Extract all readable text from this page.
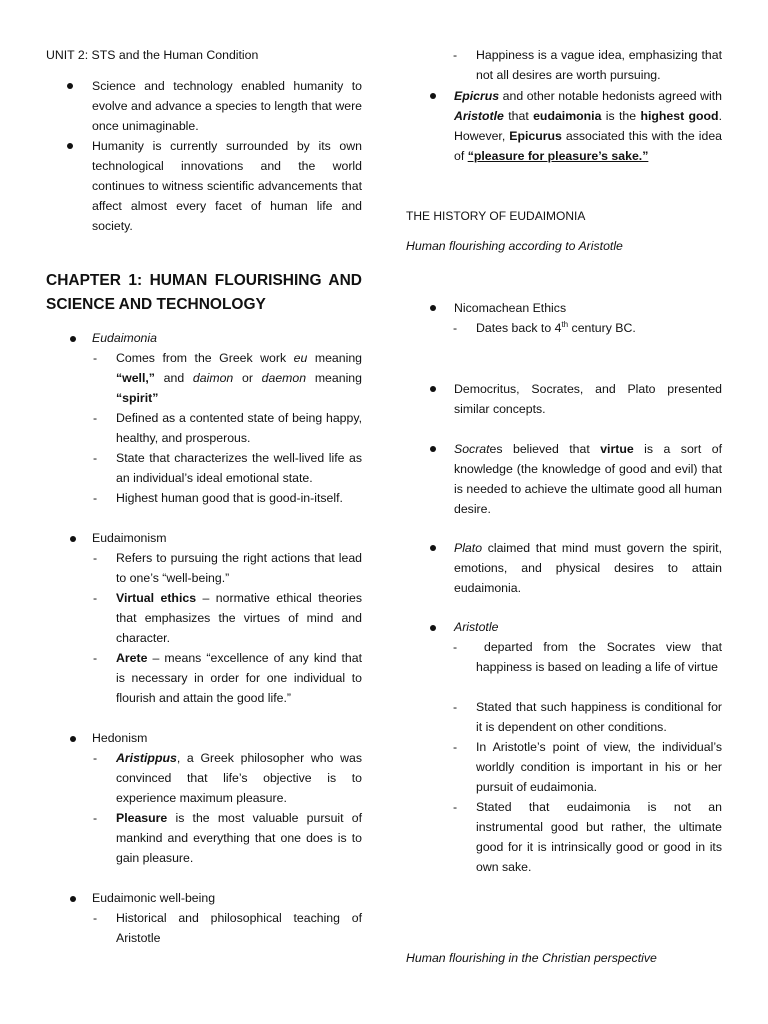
UNIT 2: STS and the Human Condition
Science and technology enabled humanity to evolve and advance a species to length that were once unimaginable.
Humanity is currently surrounded by its own technological innovations and the world continues to witness scientific advancements that affect almost every facet of human life and society.
CHAPTER 1: HUMAN FLOURISHING AND SCIENCE AND TECHNOLOGY
Eudaimonia
- Comes from the Greek work eu meaning “well,” and daimon or daemon meaning “spirit”
- Defined as a contented state of being happy, healthy, and prosperous.
- State that characterizes the well-lived life as an individual’s ideal emotional state.
- Highest human good that is good-in-itself.
Eudaimonism
- Refers to pursuing the right actions that lead to one’s “well-being.”
- Virtual ethics – normative ethical theories that emphasizes the virtues of mind and character.
- Arete – means “excellence of any kind that is necessary in order for one individual to flourish and attain the good life.”
Hedonism
- Aristippus, a Greek philosopher who was convinced that life’s objective is to experience maximum pleasure.
- Pleasure is the most valuable pursuit of mankind and everything that one does is to gain pleasure.
Eudaimonic well-being
- Historical and philosophical teaching of Aristotle
- Happiness is a vague idea, emphasizing that not all desires are worth pursuing.
Epicrus and other notable hedonists agreed with Aristotle that eudaimonia is the highest good. However, Epicurus associated this with the idea of “pleasure for pleasure’s sake.”
THE HISTORY OF EUDAIMONIA
Human flourishing according to Aristotle
Nicomachean Ethics
- Dates back to 4th century BC.
Democritus, Socrates, and Plato presented similar concepts.
Socrates believed that virtue is a sort of knowledge (the knowledge of good and evil) that is needed to achieve the ultimate good all human desire.
Plato claimed that mind must govern the spirit, emotions, and physical desires to attain eudaimonia.
Aristotle
-	departed from the Socrates view that happiness is based on leading a life of virtue
- Stated that such happiness is conditional for it is dependent on other conditions.
- In Aristotle’s point of view, the individual’s worldly condition is important in his or her pursuit of eudaimonia.
- Stated that eudaimonia is not an instrumental good but rather, the ultimate good for it is intrinsically good or good in its own sake.
Human flourishing in the Christian perspective
